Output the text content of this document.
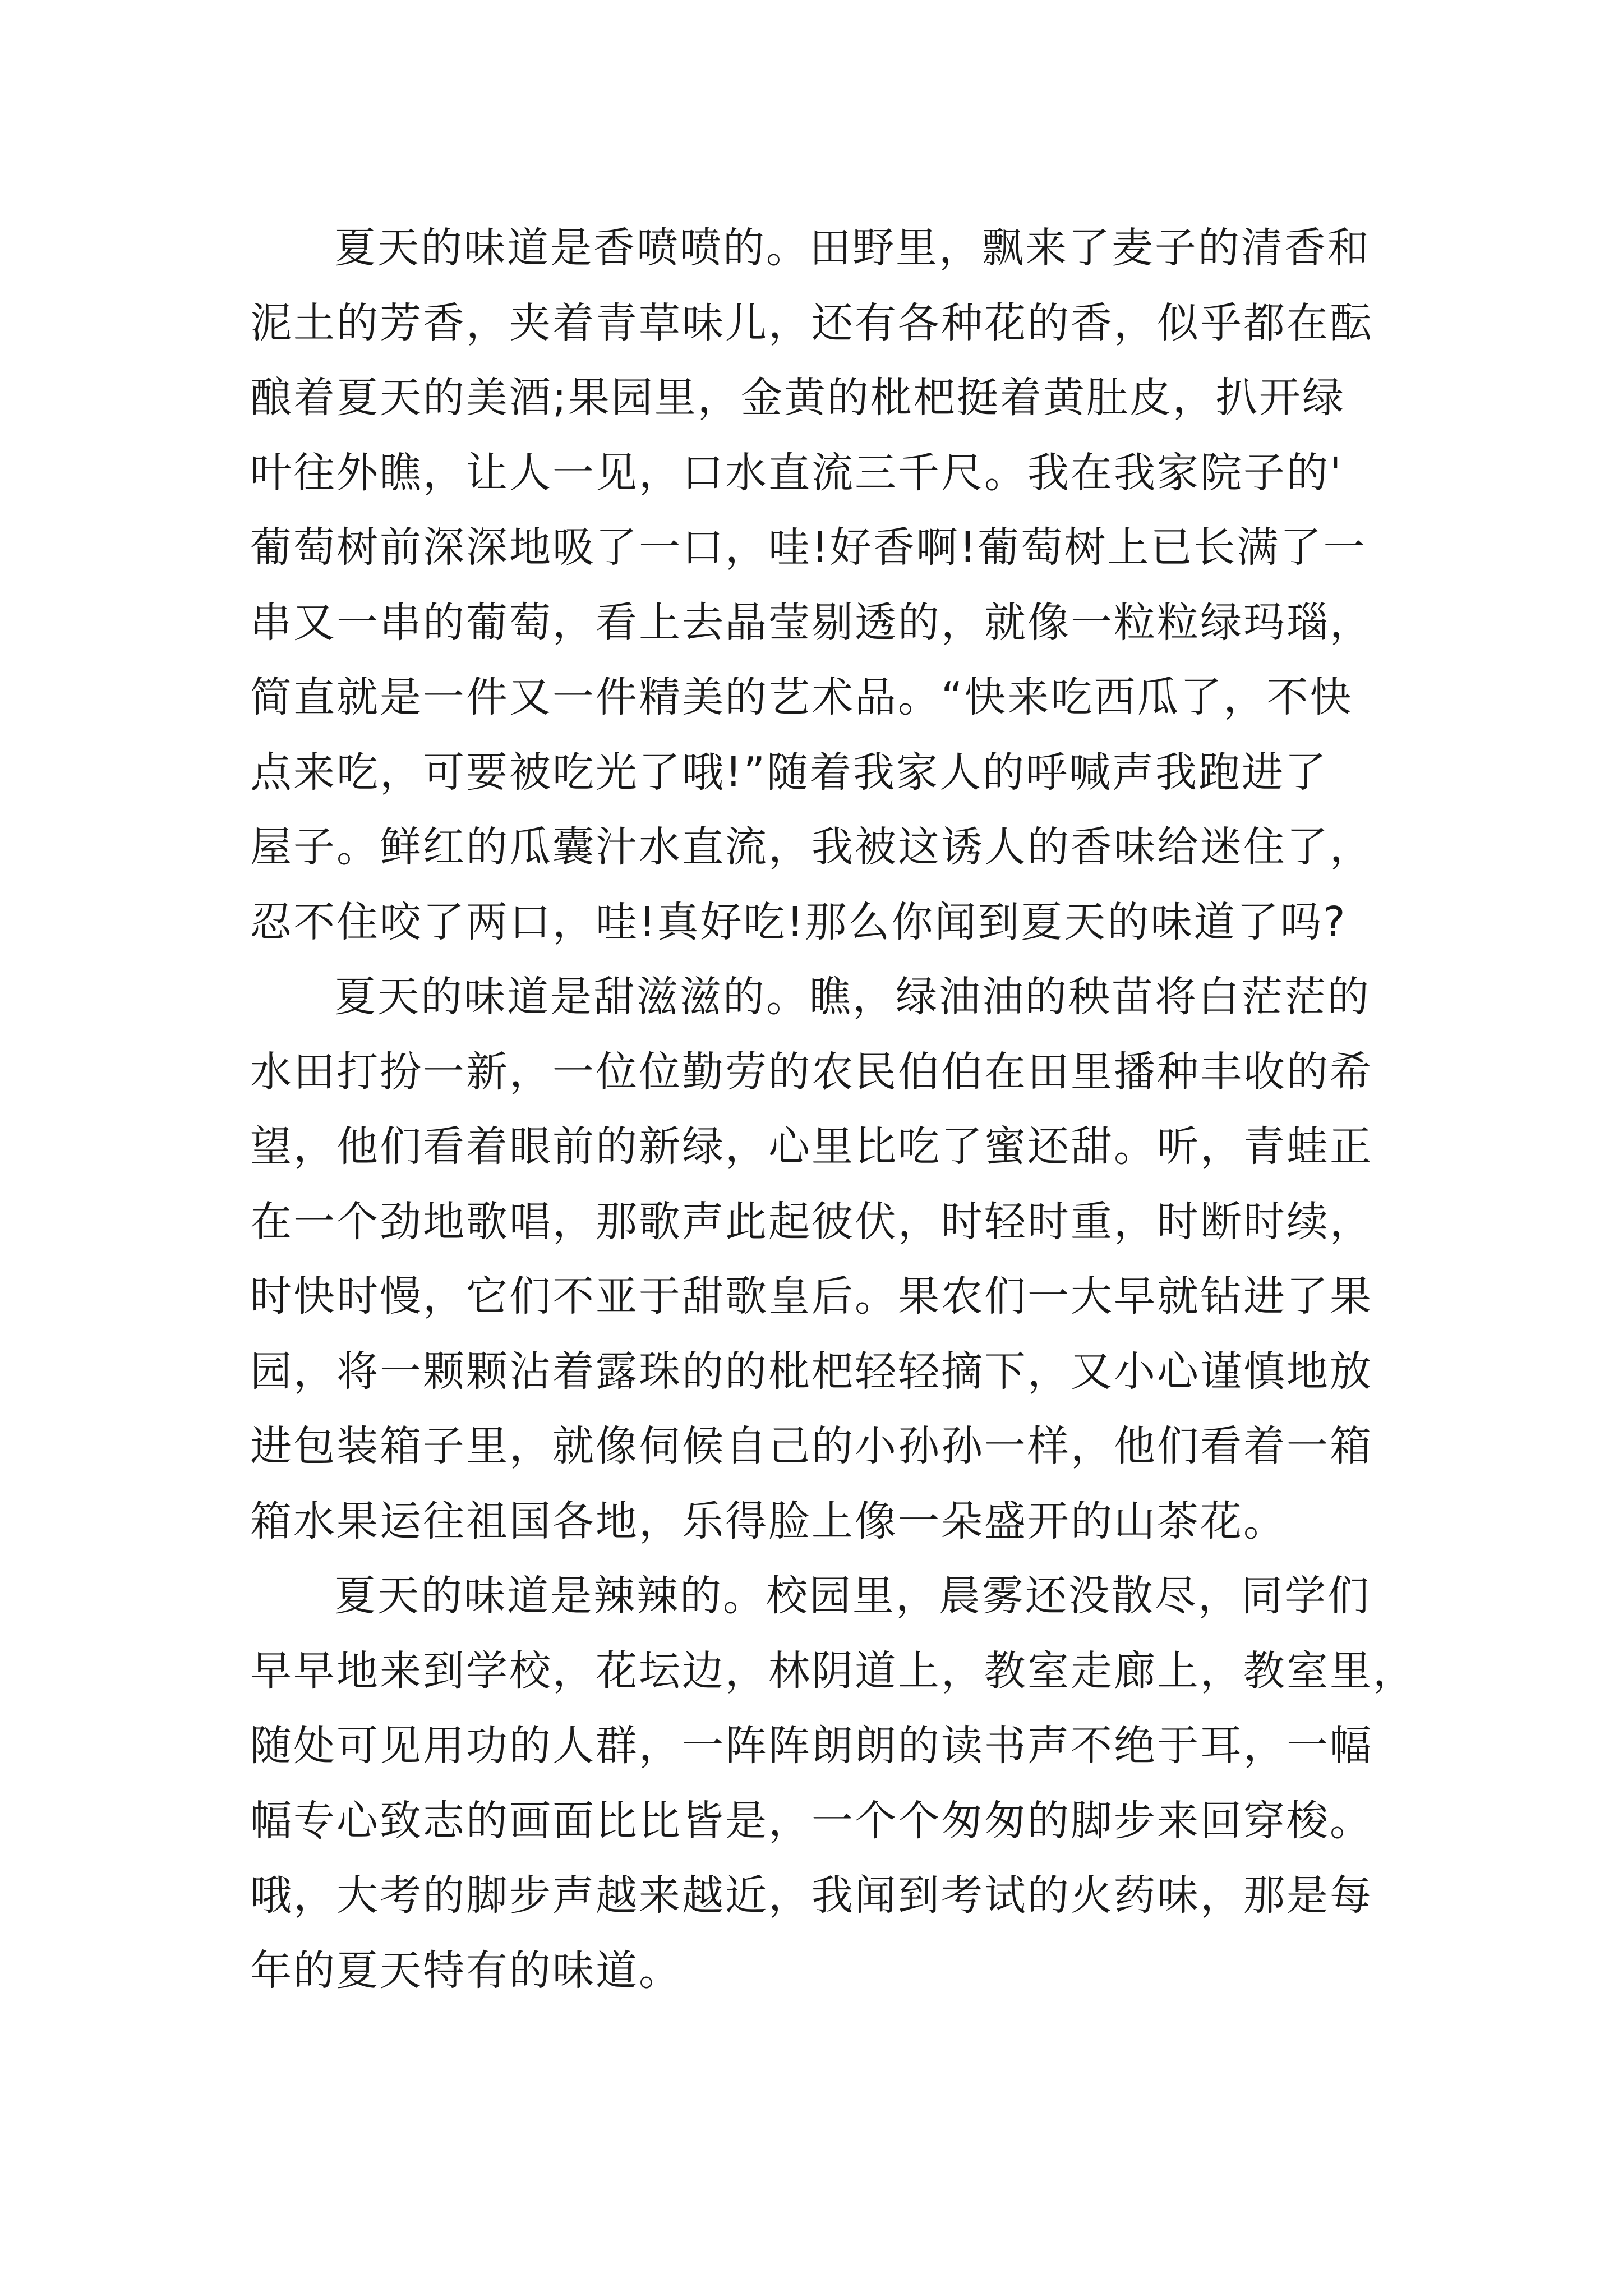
夏天的味道是香喷喷的。田野里，飘来了麦子的清香和
泥土的芳香，夹着青草味儿，还有各种花的香，似乎都在酝
酿着夏天的美酒;果园里，金黄的枇杷挺着黄肚皮，扒开绿
叶往外瞧，让人一见，口水直流三千尺。我在我家院子的'
葡萄树前深深地吸了一口，哇!好香啊!葡萄树上已长满了一
串又一串的葡萄，看上去晶莹剔透的，就像一粒粒绿玛瑙，
简直就是一件又一件精美的艺术品。“快来吃西瓜了，不快
点来吃，可要被吃光了哦!”随着我家人的呼喊声我跑进了
屋子。鲜红的瓜囊汁水直流，我被这诱人的香味给迷住了，
忍不住咬了两口，哇!真好吃!那么你闻到夏天的味道了吗?

夏天的味道是甜滋滋的。瞧，绿油油的秧苗将白茫茫的
水田打扮一新，一位位勤劳的农民伯伯在田里播种丰收的希
望，他们看着眼前的新绿，心里比吃了蜜还甜。听，青蛙正
在一个劲地歌唱，那歌声此起彼伏，时轻时重，时断时续，
时快时慢，它们不亚于甜歌皇后。果农们一大早就钻进了果
园，将一颗颗沾着露珠的的枇杷轻轻摘下，又小心谨慎地放
进包装箱子里，就像伺候自己的小孙孙一样，他们看着一箱
箱水果运往祖国各地，乐得脸上像一朵盛开的山茶花。

夏天的味道是辣辣的。校园里，晨雾还没散尽，同学们
早早地来到学校，花坛边，林阴道上，教室走廊上，教室里，
随处可见用功的人群，一阵阵朗朗的读书声不绝于耳，一幅
幅专心致志的画面比比皆是，一个个匆匆的脚步来回穿梭。
哦，大考的脚步声越来越近，我闻到考试的火药味，那是每
年的夏天特有的味道。
